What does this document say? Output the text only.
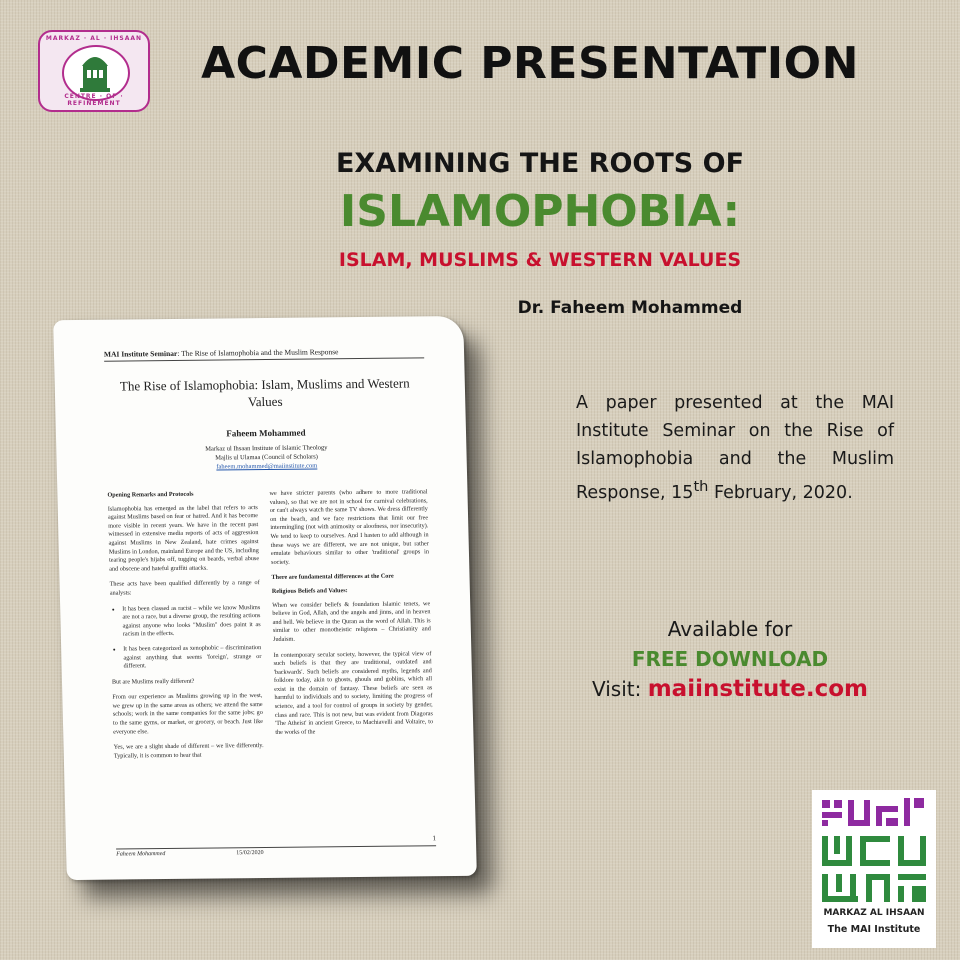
MARKAZ · AL · IHSAAN
CENTRE · OF · REFINEMENT
ACADEMIC PRESENTATION
EXAMINING THE ROOTS OF
ISLAMOPHOBIA:
ISLAM, MUSLIMS & WESTERN VALUES
Dr. Faheem Mohammed
MAI Institute Seminar: The Rise of Islamophobia and the Muslim Response
The Rise of Islamophobia: Islam, Muslims and Western Values
Faheem Mohammed
Markaz ul Ihsaan Institute of Islamic Theology
Majlis ul Ulamaa (Council of Scholars)
faheem.mohammed@maiinstitute.com

Opening Remarks and Protocols

Islamophobia has emerged as the label that refers to acts against Muslims based on fear or hatred. And it has become more visible in recent years. We have in the recent past witnessed in extensive media reports of acts of aggression against Muslims in New Zealand, hate crimes against Muslims in London, mainland Europe and the US, including tearing people's hijabs off, tugging on beards, verbal abuse and obscene and hateful graffiti attacks.

These acts have been qualified differently by a range of analysts:

• It has been classed as racist – while we know Muslims are not a race, but a diverse group, the resulting actions against anyone who looks "Muslim" does paint it as racism in the effects.
• It has been categorized as xenophobic – discrimination against anything that seems 'foreign', strange or different.

But are Muslims really different?

From our experience as Muslims growing up in the west, we grew up in the same areas as others; we attend the same schools; work in the same companies for the same jobs; go to the same gyms, or market, or grocery, or beach. Just like everyone else.

Yes, we are a slight shade of different – we live differently. Typically, it is common to hear that

we have stricter parents (who adhere to more traditional values), so that we are not in school for carnival celebrations, or can't always watch the same TV shows. We dress differently on the beach, and we face restrictions that limit our free intermingling (not with animosity or aloofness, nor insecurity). We tend to keep to ourselves. And I hasten to add although in these ways we are different, we are not unique, but rather emulate behaviours similar to other 'traditional' groups in society.

There are fundamental differences at the Core

Religious Beliefs and Values:

When we consider beliefs & foundation Islamic tenets, we believe in God, Allah, and the angels and jinns, and in heaven and hell. We believe in the Quran as the word of Allah. This is similar to other monotheistic religions – Christianity and Judaism.

In contemporary secular society, however, the typical view of such beliefs is that they are traditional, outdated and 'backwards'. Such beliefs are considered myths, legends and folklore today, akin to ghosts, ghouls and goblins, which all exist in the domain of fantasy. These beliefs are seen as harmful to individuals and to society, limiting the progress of science, and a tool for control of groups in society by gender, class and race. This is not new, but was evident from Diagoras 'The Atheist' in ancient Greece, to Machiavelli and Voltaire, to the works of the

1
Faheem Mohammed	15/02/2020
A paper presented at the MAI Institute Seminar on the Rise of Islamophobia and the Muslim Response, 15th February, 2020.
Available for
FREE DOWNLOAD
Visit: maiinstitute.com
MARKAZ AL IHSAAN
The MAI Institute
